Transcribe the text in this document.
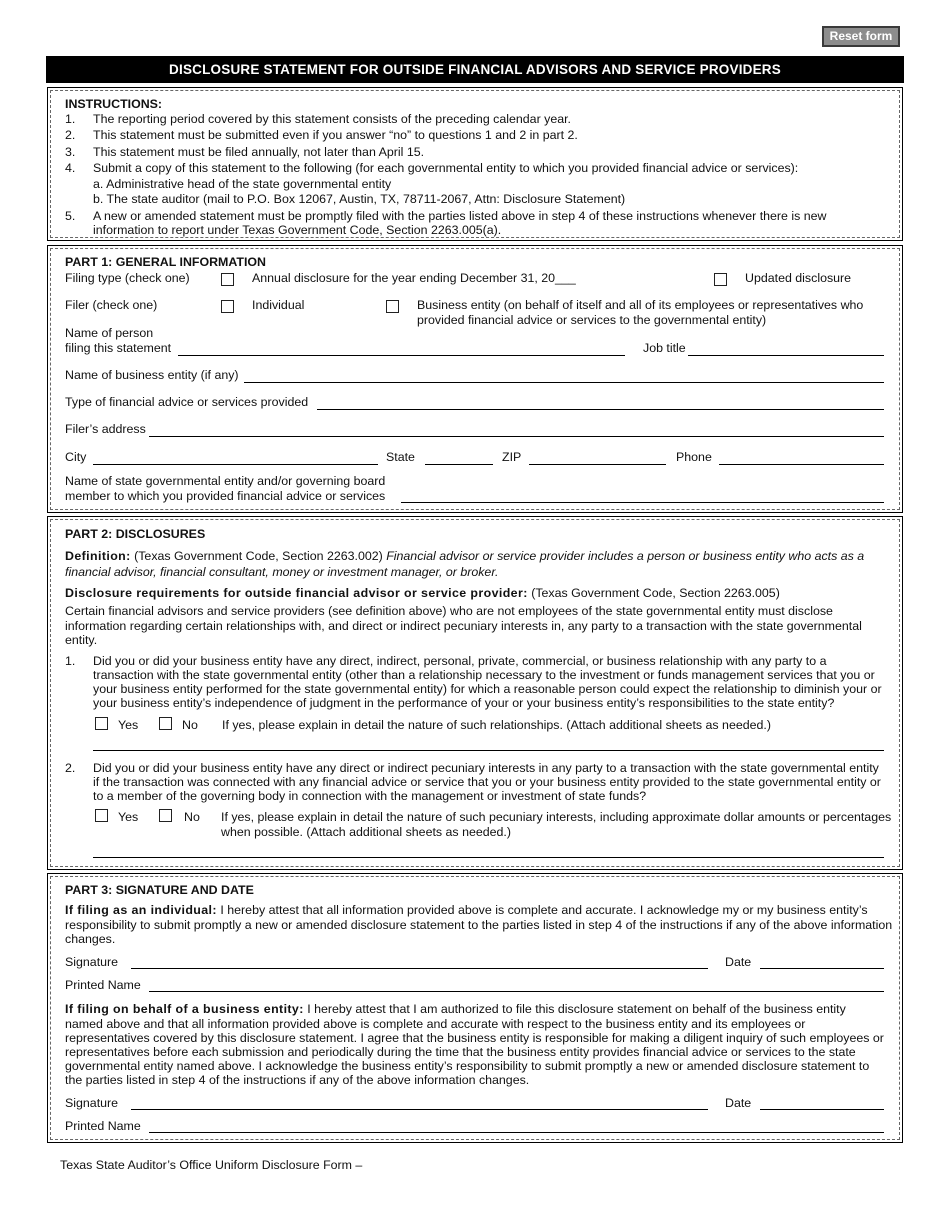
Reset form
DISCLOSURE STATEMENT FOR OUTSIDE FINANCIAL ADVISORS AND SERVICE PROVIDERS
INSTRUCTIONS:
1. The reporting period covered by this statement consists of the preceding calendar year.
2. This statement must be submitted even if you answer “no” to questions 1 and 2 in part 2.
3. This statement must be filed annually, not later than April 15.
4. Submit a copy of this statement to the following (for each governmental entity to which you provided financial advice or services):
a. Administrative head of the state governmental entity
b. The state auditor (mail to P.O. Box 12067, Austin, TX, 78711-2067, Attn: Disclosure Statement)
5. A new or amended statement must be promptly filed with the parties listed above in step 4 of these instructions whenever there is new
information to report under Texas Government Code, Section 2263.005(a).
PART 1: GENERAL INFORMATION
Filing type (check one)	Annual disclosure for the year ending December 31, 20___	Updated disclosure
Filer (check one)	Individual	Business entity (on behalf of itself and all of its employees or representatives who
provided financial advice or services to the governmental entity)
Name of person
filing this statement	Job title
Name of business entity (if any)
Type of financial advice or services provided
Filer’s address
City	State	ZIP	Phone
Name of state governmental entity and/or governing board
member to which you provided financial advice or services
PART 2: DISCLOSURES
Definition: (Texas Government Code, Section 2263.002) Financial advisor or service provider includes a person or business entity who acts as a
financial advisor, financial consultant, money or investment manager, or broker.
Disclosure requirements for outside financial advisor or service provider: (Texas Government Code, Section 2263.005)
Certain financial advisors and service providers (see definition above) who are not employees of the state governmental entity must disclose
information regarding certain relationships with, and direct or indirect pecuniary interests in, any party to a transaction with the state governmental
entity.
1. Did you or did your business entity have any direct, indirect, personal, private, commercial, or business relationship with any party to a
transaction with the state governmental entity (other than a relationship necessary to the investment or funds management services that you or
your business entity performed for the state governmental entity) for which a reasonable person could expect the relationship to diminish your or
your business entity’s independence of judgment in the performance of your or your business entity’s responsibilities to the state entity?
Yes	No If yes, please explain in detail the nature of such relationships. (Attach additional sheets as needed.)
2. Did you or did your business entity have any direct or indirect pecuniary interests in any party to a transaction with the state governmental entity
if the transaction was connected with any financial advice or service that you or your business entity provided to the state governmental entity or
to a member of the governing body in connection with the management or investment of state funds?
Yes	No If yes, please explain in detail the nature of such pecuniary interests, including approximate dollar amounts or percentages
when possible. (Attach additional sheets as needed.)
PART 3: SIGNATURE AND DATE
If filing as an individual: I hereby attest that all information provided above is complete and accurate. I acknowledge my or my business entity’s
responsibility to submit promptly a new or amended disclosure statement to the parties listed in step 4 of the instructions if any of the above information
changes.
Signature	Date
Printed Name
If filing on behalf of a business entity: I hereby attest that I am authorized to file this disclosure statement on behalf of the business entity
named above and that all information provided above is complete and accurate with respect to the business entity and its employees or
representatives covered by this disclosure statement. I agree that the business entity is responsible for making a diligent inquiry of such employees or
representatives before each submission and periodically during the time that the business entity provides financial advice or services to the state
governmental entity named above. I acknowledge the business entity’s responsibility to submit promptly a new or amended disclosure statement to
the parties listed in step 4 of the instructions if any of the above information changes.
Signature	Date
Printed Name
Texas State Auditor’s Office Uniform Disclosure Form –
